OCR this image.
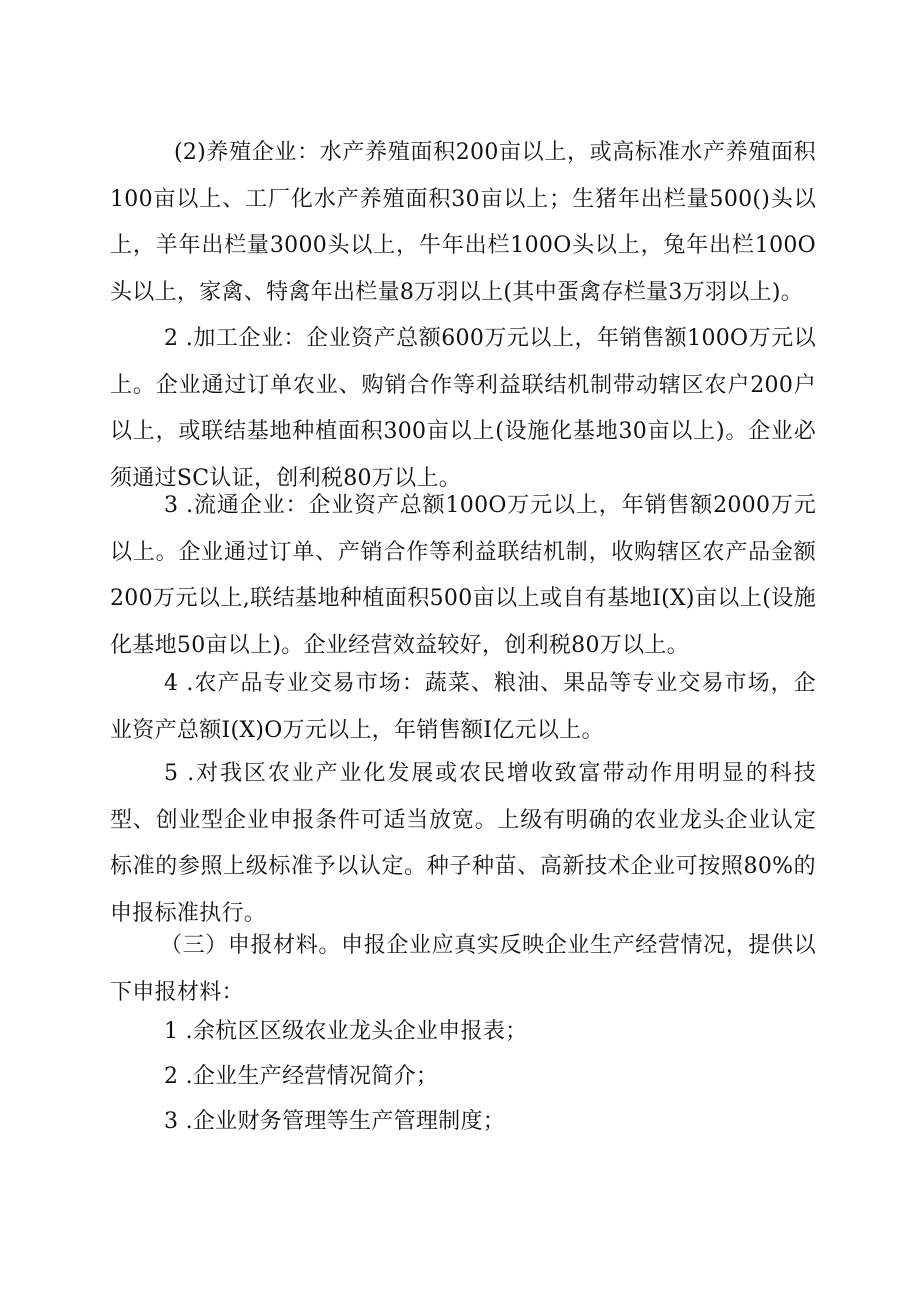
(2)养殖企业：水产养殖面积200亩以上，或高标准水产养殖面积100亩以上、工厂化水产养殖面积30亩以上；生猪年出栏量500()头以上，羊年出栏量3000头以上，牛年出栏100O头以上，兔年出栏100O头以上，家禽、特禽年出栏量8万羽以上(其中蛋禽存栏量3万羽以上)。

2 .加工企业：企业资产总额600万元以上，年销售额100O万元以上。企业通过订单农业、购销合作等利益联结机制带动辖区农户200户以上，或联结基地种植面积300亩以上(设施化基地30亩以上)。企业必须通过SC认证，创利税80万以上。

3 .流通企业：企业资产总额100O万元以上，年销售额2000万元以上。企业通过订单、产销合作等利益联结机制，收购辖区农产品金额200万元以上,联结基地种植面积500亩以上或自有基地I(X)亩以上(设施化基地50亩以上)。企业经营效益较好，创利税80万以上。

4 .农产品专业交易市场：蔬菜、粮油、果品等专业交易市场，企业资产总额I(X)O万元以上，年销售额I亿元以上。

5 .对我区农业产业化发展或农民增收致富带动作用明显的科技型、创业型企业申报条件可适当放宽。上级有明确的农业龙头企业认定标准的参照上级标准予以认定。种子种苗、高新技术企业可按照80%的申报标准执行。

（三）申报材料。申报企业应真实反映企业生产经营情况，提供以下申报材料：

1 .余杭区区级农业龙头企业申报表；

2 .企业生产经营情况简介；

3 .企业财务管理等生产管理制度；
